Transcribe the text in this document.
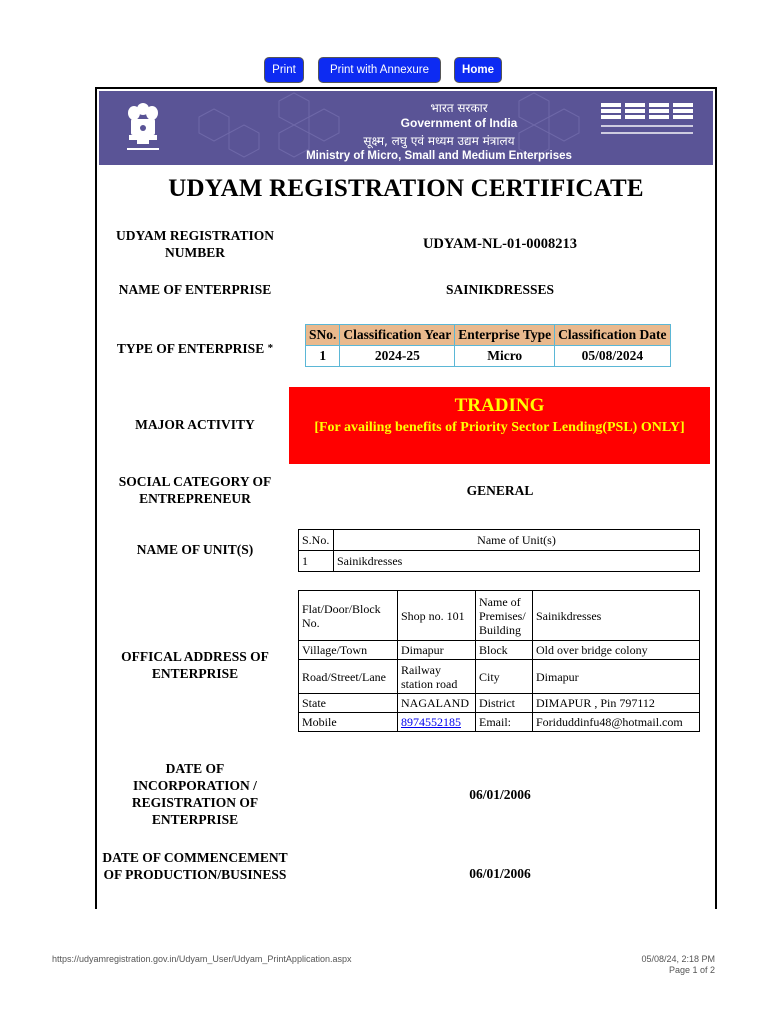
Print	Print with Annexure	Home
भारत सरकार
Government of India
सूक्ष्म, लघु एवं मध्यम उद्यम मंत्रालय
Ministry of Micro, Small and Medium Enterprises
UDYAM REGISTRATION CERTIFICATE
UDYAM REGISTRATION NUMBER
UDYAM-NL-01-0008213
NAME OF ENTERPRISE	SAINIKDRESSES
TYPE OF ENTERPRISE *
SNo.	Classification Year	Enterprise Type	Classification Date
1	2024-25	Micro	05/08/2024
MAJOR ACTIVITY
TRADING
[For availing benefits of Priority Sector Lending(PSL) ONLY]
SOCIAL CATEGORY OF ENTREPRENEUR
GENERAL
NAME OF UNIT(S)
S.No.	Name of Unit(s)
1	Sainikdresses
OFFICAL ADDRESS OF ENTERPRISE
Flat/Door/Block No.	Shop no. 101	Name of Premises/ Building	Sainikdresses
Village/Town	Dimapur	Block	Old over bridge colony
Road/Street/Lane	Railway station road	City	Dimapur
State	NAGALAND	District	DIMAPUR , Pin 797112
Mobile	8974552185	Email:	Foriduddinfu48@hotmail.com
DATE OF INCORPORATION / REGISTRATION OF ENTERPRISE
06/01/2006
DATE OF COMMENCEMENT OF PRODUCTION/BUSINESS	06/01/2006
https://udyamregistration.gov.in/Udyam_User/Udyam_PrintApplication.aspx	05/08/24, 2:18 PM
Page 1 of 2
